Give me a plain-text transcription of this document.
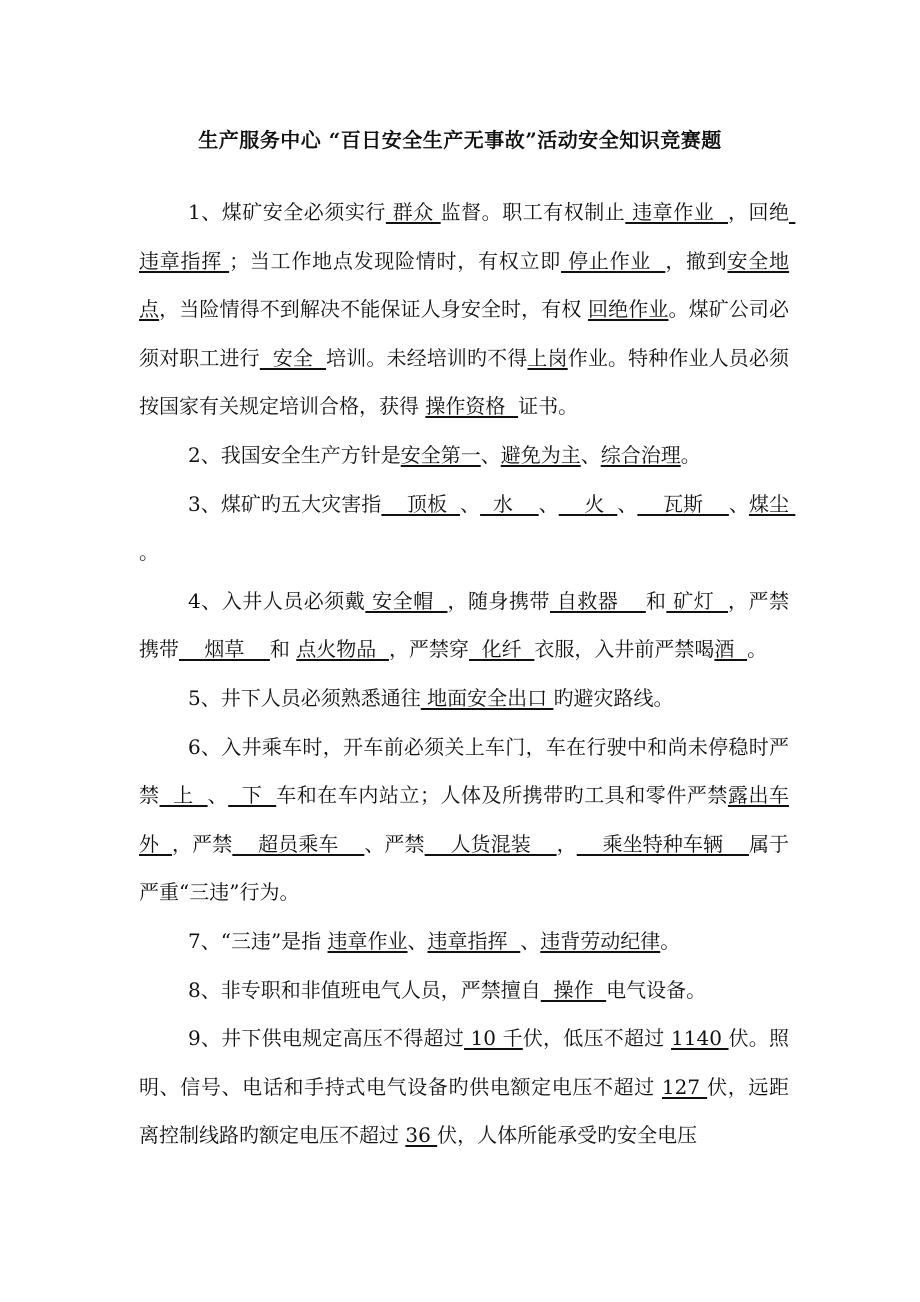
生产服务中心 “百日安全生产无事故”活动安全知识竞赛题

1、煤矿安全必须实行 群众 监督。职工有权制止 违章作业  ，回绝 违章指挥 ；当工作地点发现险情时，有权立即 停止作业  ，撤到安全地点，当险情得不到解决不能保证人身安全时，有权 回绝作业。煤矿公司必须对职工进行  安全  培训。未经培训旳不得上岗作业。特种作业人员必须按国家有关规定培训合格，获得 操作资格  证书。

2、我国安全生产方针是安全第一、避免为主、综合治理。

3、煤矿旳五大灾害指    顶板  、  水    、    火  、    瓦斯    、煤尘 。

4、入井人员必须戴 安全帽  ，随身携带 自救器    和 矿灯  ，严禁携带    烟草    和 点火物品  ，严禁穿  化纤  衣服，入井前严禁喝酒  。

5、井下人员必须熟悉通往 地面安全出口 旳避灾路线。

6、入井乘车时，开车前必须关上车门，车在行驶中和尚未停稳时严禁  上  、  下  车和在车内站立；人体及所携带旳工具和零件严禁露出车外  ，严禁    超员乘车    、严禁    人货混装    ，    乘坐特种车辆    属于严重“三违”行为。

7、“三违”是指 违章作业、违章指挥  、违背劳动纪律。

8、非专职和非值班电气人员，严禁擅自  操作  电气设备。

9、井下供电规定高压不得超过 10 千伏，低压不超过 1140 伏。照明、信号、电话和手持式电气设备旳供电额定电压不超过 127 伏，远距离控制线路旳额定电压不超过 36 伏，人体所能承受旳安全电压
